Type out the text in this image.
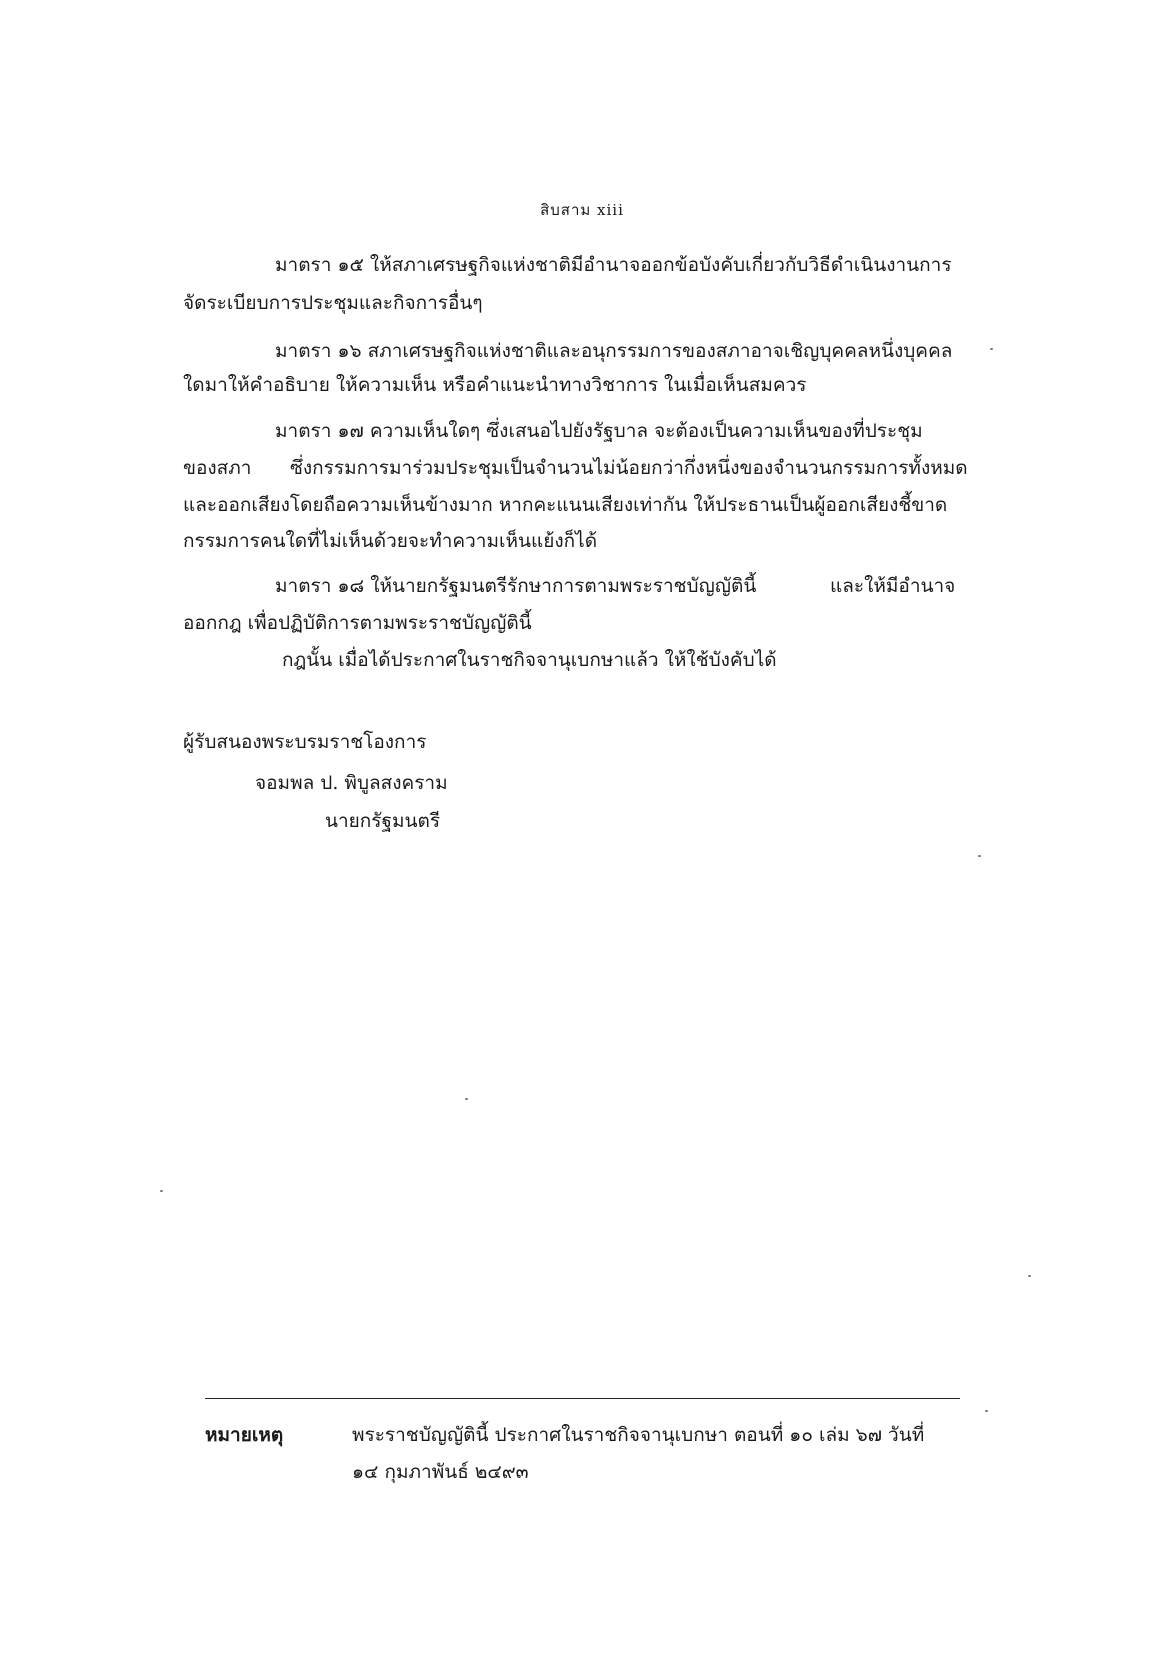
สิบสาม xiii
มาตรา ๑๕ ให้สภาเศรษฐกิจแห่งชาติมีอำนาจออกข้อบังคับเกี่ยวกับวิธีดำเนินงานการ
จัดระเบียบการประชุมและกิจการอื่นๆ
มาตรา ๑๖ สภาเศรษฐกิจแห่งชาติและอนุกรรมการของสภาอาจเชิญบุคคลหนึ่งบุคคล
ใดมาให้คำอธิบาย ให้ความเห็น หรือคำแนะนำทางวิชาการ ในเมื่อเห็นสมควร
มาตรา ๑๗ ความเห็นใดๆ ซึ่งเสนอไปยังรัฐบาล จะต้องเป็นความเห็นของที่ประชุม
ของสภา ซึ่งกรรมการมาร่วมประชุมเป็นจำนวนไม่น้อยกว่ากึ่งหนึ่งของจำนวนกรรมการทั้งหมด
และออกเสียงโดยถือความเห็นข้างมาก หากคะแนนเสียงเท่ากัน ให้ประธานเป็นผู้ออกเสียงชี้ขาด
กรรมการคนใดที่ไม่เห็นด้วยจะทำความเห็นแย้งก็ได้
มาตรา ๑๘ ให้นายกรัฐมนตรีรักษาการตามพระราชบัญญัตินี้	และให้มีอำนาจ
ออกกฎ เพื่อปฏิบัติการตามพระราชบัญญัตินี้
กฎนั้น เมื่อได้ประกาศในราชกิจจานุเบกษาแล้ว ให้ใช้บังคับได้
ผู้รับสนองพระบรมราชโองการ
จอมพล ป. พิบูลสงคราม
นายกรัฐมนตรี
หมายเหตุ	พระราชบัญญัตินี้ ประกาศในราชกิจจานุเบกษา ตอนที่ ๑๐ เล่ม ๖๗ วันที่
๑๔ กุมภาพันธ์ ๒๔๙๓
